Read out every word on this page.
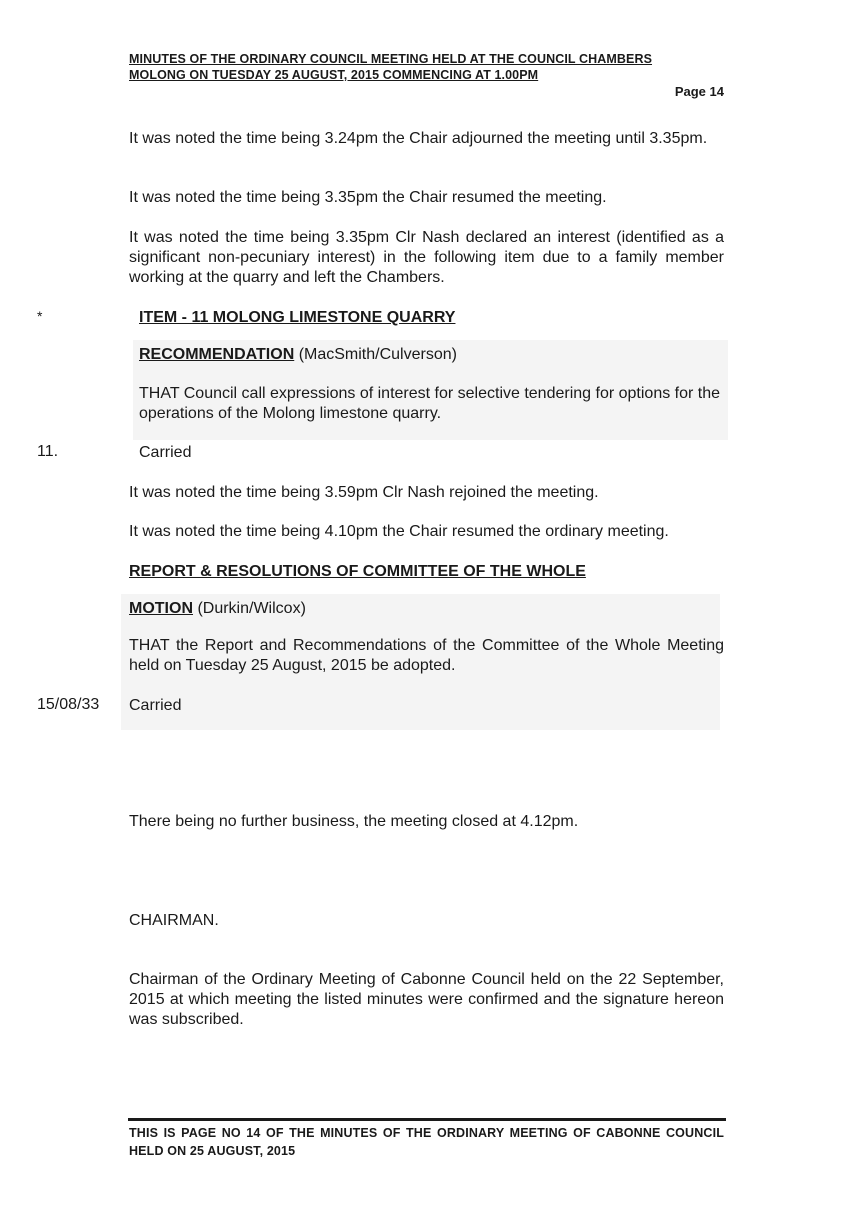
MINUTES OF THE ORDINARY COUNCIL MEETING HELD AT THE COUNCIL CHAMBERS
MOLONG ON TUESDAY 25 AUGUST, 2015 COMMENCING AT 1.00PM
Page 14
It was noted the time being 3.24pm the Chair adjourned the meeting until 3.35pm.
It was noted the time being 3.35pm the Chair resumed the meeting.
It was noted the time being 3.35pm Clr Nash declared an interest (identified as a significant non-pecuniary interest) in the following item due to a family member working at the quarry and left the Chambers.
*	ITEM - 11 MOLONG LIMESTONE QUARRY
RECOMMENDATION (MacSmith/Culverson)
THAT Council call expressions of interest for selective tendering for options for the operations of the Molong limestone quarry.
11.	Carried
It was noted the time being 3.59pm Clr Nash rejoined the meeting.
It was noted the time being 4.10pm the Chair resumed the ordinary meeting.
REPORT & RESOLUTIONS OF COMMITTEE OF THE WHOLE
MOTION (Durkin/Wilcox)
THAT the Report and Recommendations of the Committee of the Whole Meeting held on Tuesday 25 August, 2015 be adopted.
15/08/33 Carried
There being no further business, the meeting closed at 4.12pm.
CHAIRMAN.
Chairman of the Ordinary Meeting of Cabonne Council held on the 22 September, 2015 at which meeting the listed minutes were confirmed and the signature hereon was subscribed.
THIS IS PAGE NO 14 OF THE MINUTES OF THE ORDINARY MEETING OF CABONNE COUNCIL HELD ON 25 AUGUST, 2015
